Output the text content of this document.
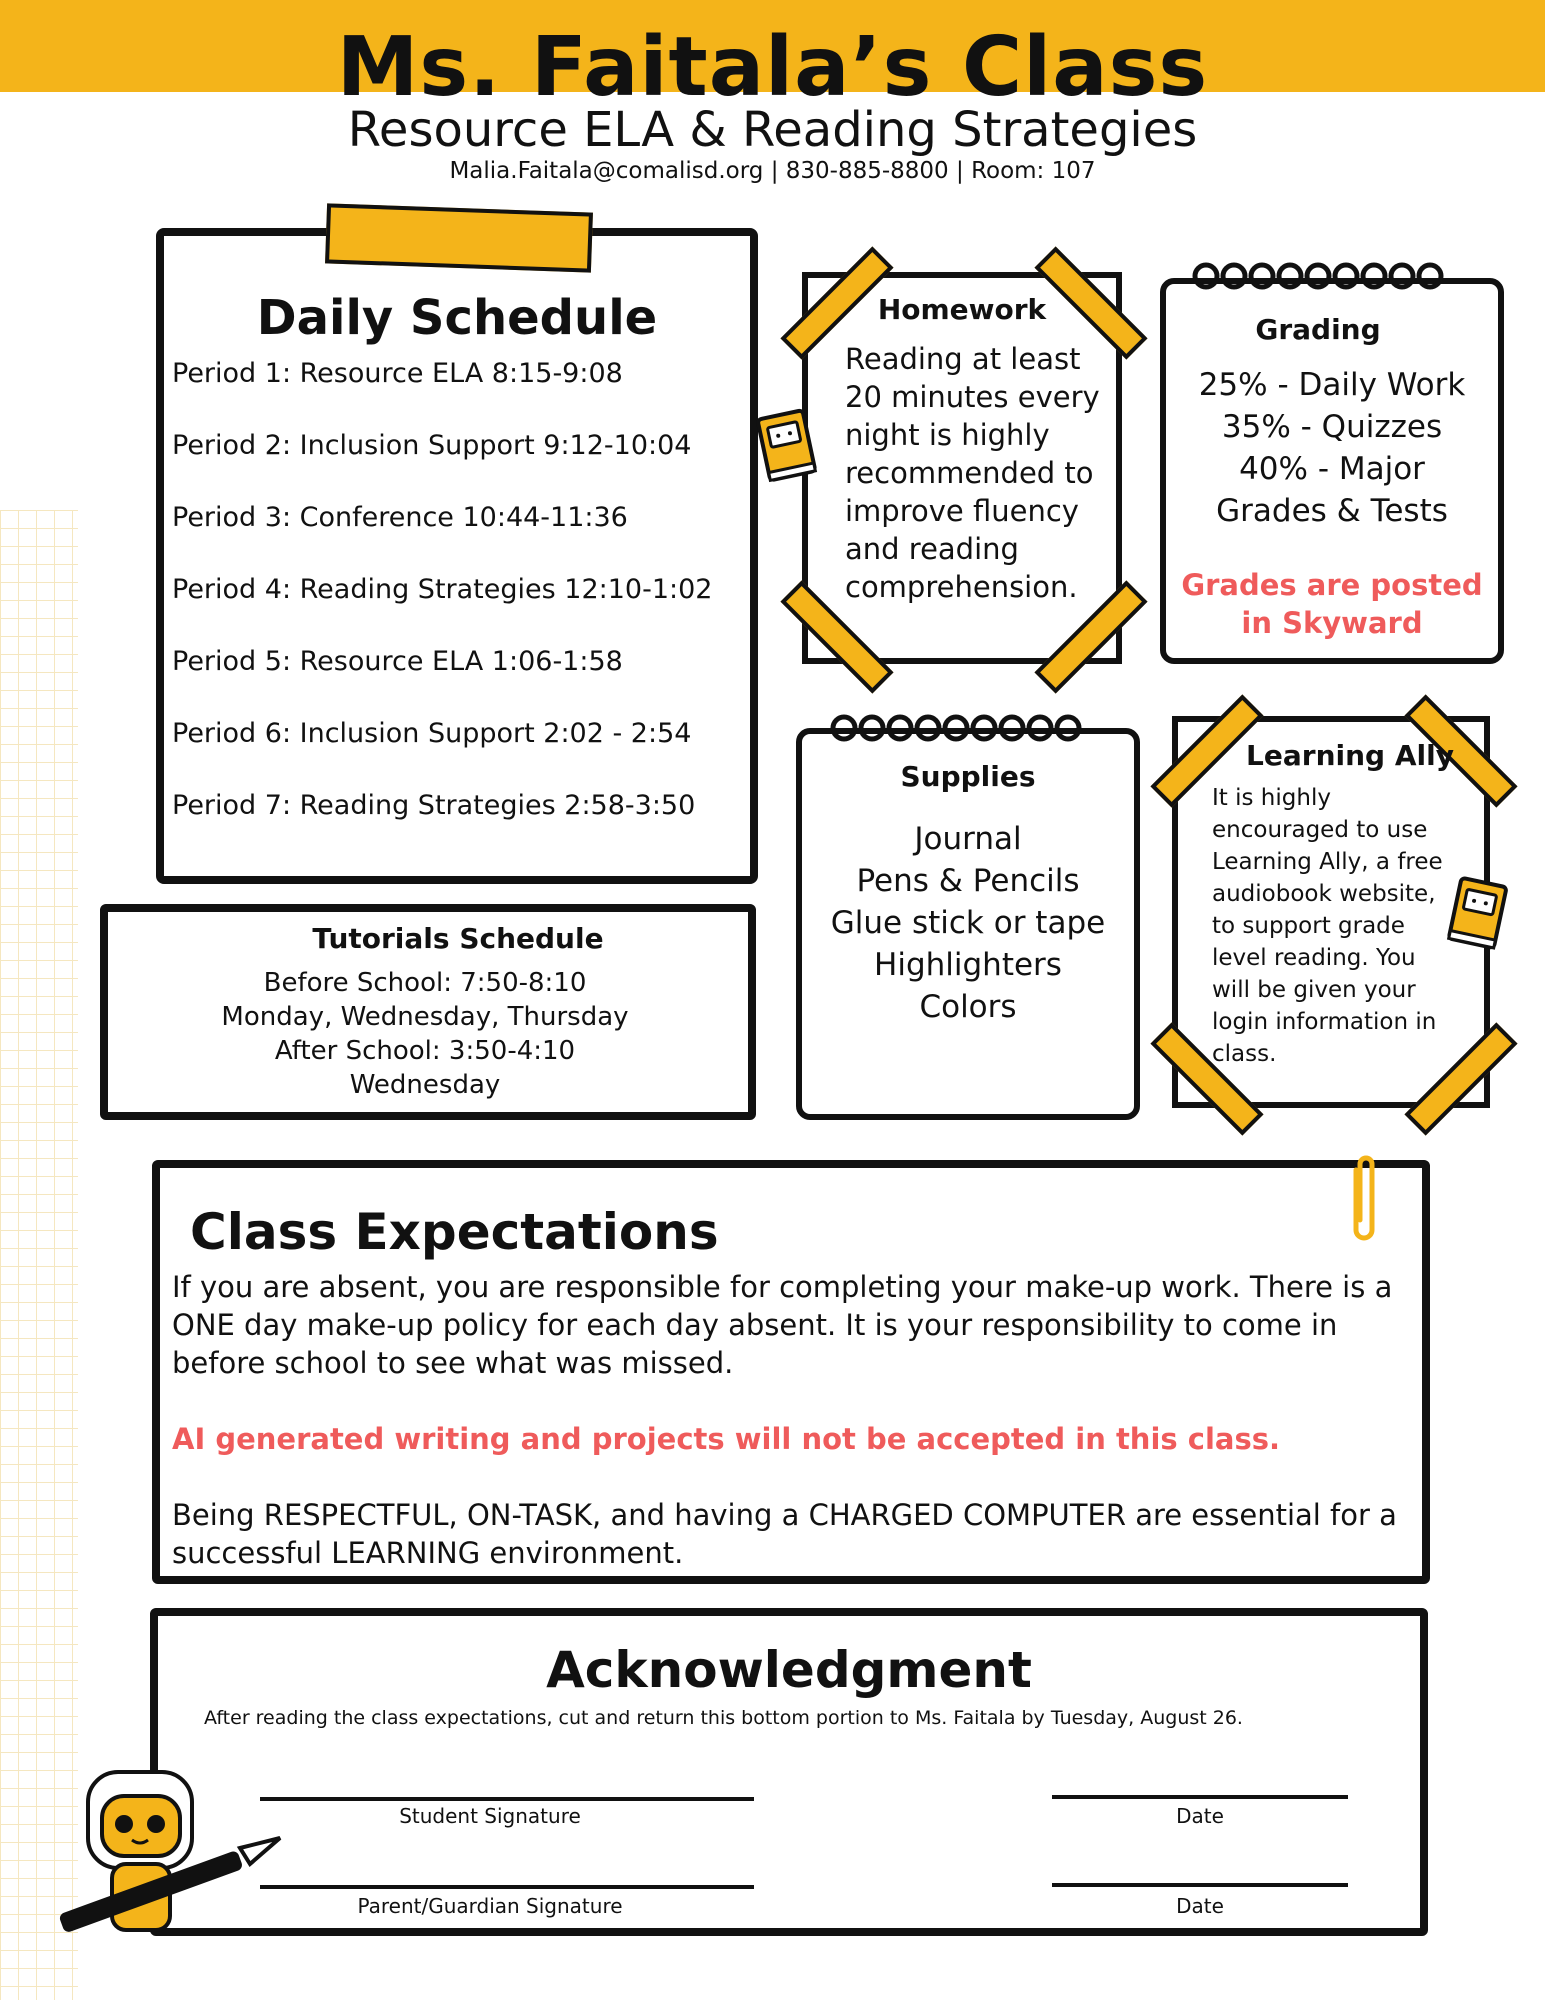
Ms. Faitala’s Class
Resource ELA & Reading Strategies
Malia.Faitala@comalisd.org | 830-885-8800 | Room: 107
Daily Schedule
Period 1: Resource ELA 8:15-9:08
Period 2: Inclusion Support 9:12-10:04
Period 3: Conference 10:44-11:36
Period 4: Reading Strategies 12:10-1:02
Period 5: Resource ELA 1:06-1:58
Period 6: Inclusion Support 2:02 - 2:54
Period 7: Reading Strategies 2:58-3:50
Tutorials Schedule
Before School: 7:50-8:10
Monday, Wednesday, Thursday
After School: 3:50-4:10
Wednesday
Homework
Reading at least
20 minutes every
night is highly
recommended to
improve fluency
and reading
comprehension.
Grading
25% - Daily Work
35% - Quizzes
40% - Major
Grades & Tests
Grades are posted
in Skyward
Supplies
Journal
Pens & Pencils
Glue stick or tape
Highlighters
Colors
Learning Ally
It is highly
encouraged to use
Learning Ally, a free
audiobook website,
to support grade
level reading. You
will be given your
login information in
class.
Class Expectations
If you are absent, you are responsible for completing your make-up work. There is a
ONE day make-up policy for each day absent. It is your responsibility to come in
before school to see what was missed.
AI generated writing and projects will not be accepted in this class.
Being RESPECTFUL, ON-TASK, and having a CHARGED COMPUTER are essential for a
successful LEARNING environment.
Acknowledgment
After reading the class expectations, cut and return this bottom portion to Ms. Faitala by Tuesday, August 26.
Student Signature	Date
Parent/Guardian Signature	Date
